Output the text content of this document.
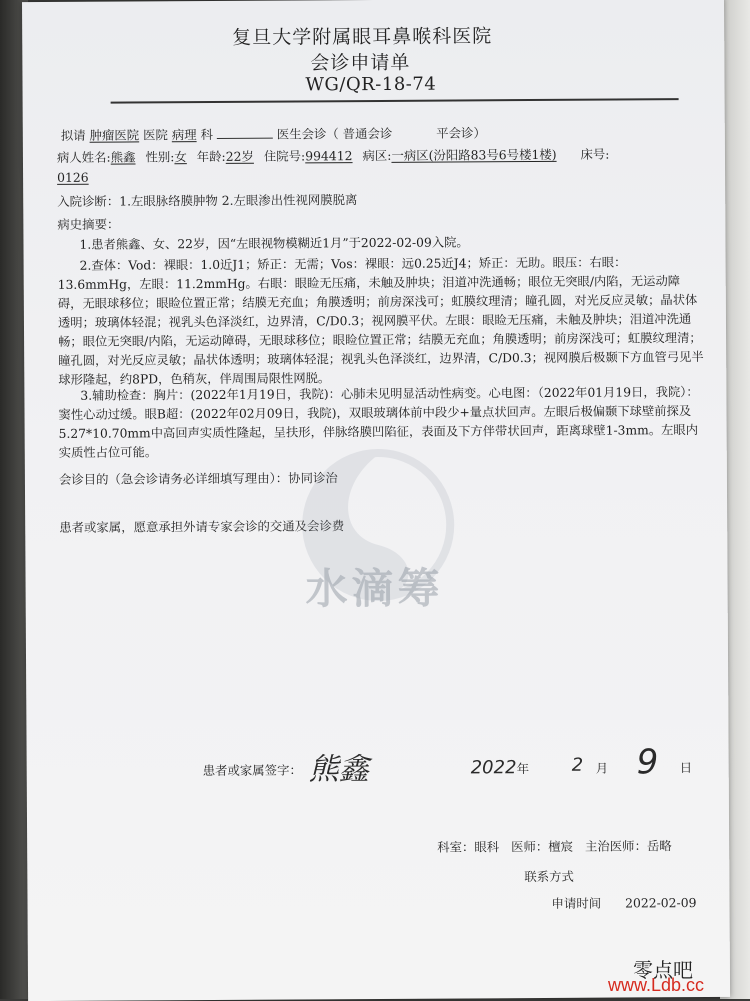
复旦大学附属眼耳鼻喉科医院
会诊申请单
WG/QR-18-74
拟请 肿瘤医院 医院 病理 科	医生会诊（ 普通会诊	平会诊）
病人姓名:熊鑫 性别:女 年龄:22岁 住院号:994412 病区:一病区(汾阳路83号6号楼1楼) 床号:
0126
入院诊断：1.左眼脉络膜肿物 2.左眼渗出性视网膜脱离
病史摘要：
1.患者熊鑫、女、22岁，因“左眼视物模糊近1月”于2022-02-09入院。
2.查体：Vod：裸眼：1.0近J1；矫正：无需；Vos：裸眼：远0.25近J4；矫正：无助。眼压：右眼：13.6mmHg，左眼：11.2mmHg。右眼：眼睑无压痛，未触及肿块；泪道冲洗通畅；眼位无突眼/内陷，无运动障碍，无眼球移位；眼睑位置正常；结膜无充血；角膜透明；前房深浅可；虹膜纹理清；瞳孔圆，对光反应灵敏；晶状体透明；玻璃体轻混；视乳头色泽淡红，边界清，C/D0.3；视网膜平伏。左眼：眼睑无压痛，未触及肿块；泪道冲洗通畅；眼位无突眼/内陷，无运动障碍，无眼球移位；眼睑位置正常；结膜无充血；角膜透明；前房深浅可；虹膜纹理清；瞳孔圆，对光反应灵敏；晶状体透明；玻璃体轻混；视乳头色泽淡红，边界清，C/D0.3；视网膜后极颞下方血管弓见半球形隆起，约8PD，色稍灰，伴周围局限性网脱。
3.辅助检查：胸片：(2022年1月19日，我院)：心肺未见明显活动性病变。心电图：（2022年01月19日，我院）：窦性心动过缓。眼B超：(2022年02月09日，我院)，双眼玻璃体前中段少+量点状回声。左眼后极偏颞下球壁前探及5.27*10.70mm中高回声实质性隆起，呈扶形，伴脉络膜凹陷征，表面及下方伴带状回声，距离球壁1-3mm。左眼内实质性占位可能。
会诊目的（急会诊请务必详细填写理由）：协同诊治
患者或家属，愿意承担外请专家会诊的交通及会诊费
水滴筹
患者或家属签字： 熊鑫	2022 年 2 月 9 日
科室：眼科 医师：檀宸 主治医师：岳略
联系方式
申请时间 2022-02-09
零点吧
www.Ldb.cc
